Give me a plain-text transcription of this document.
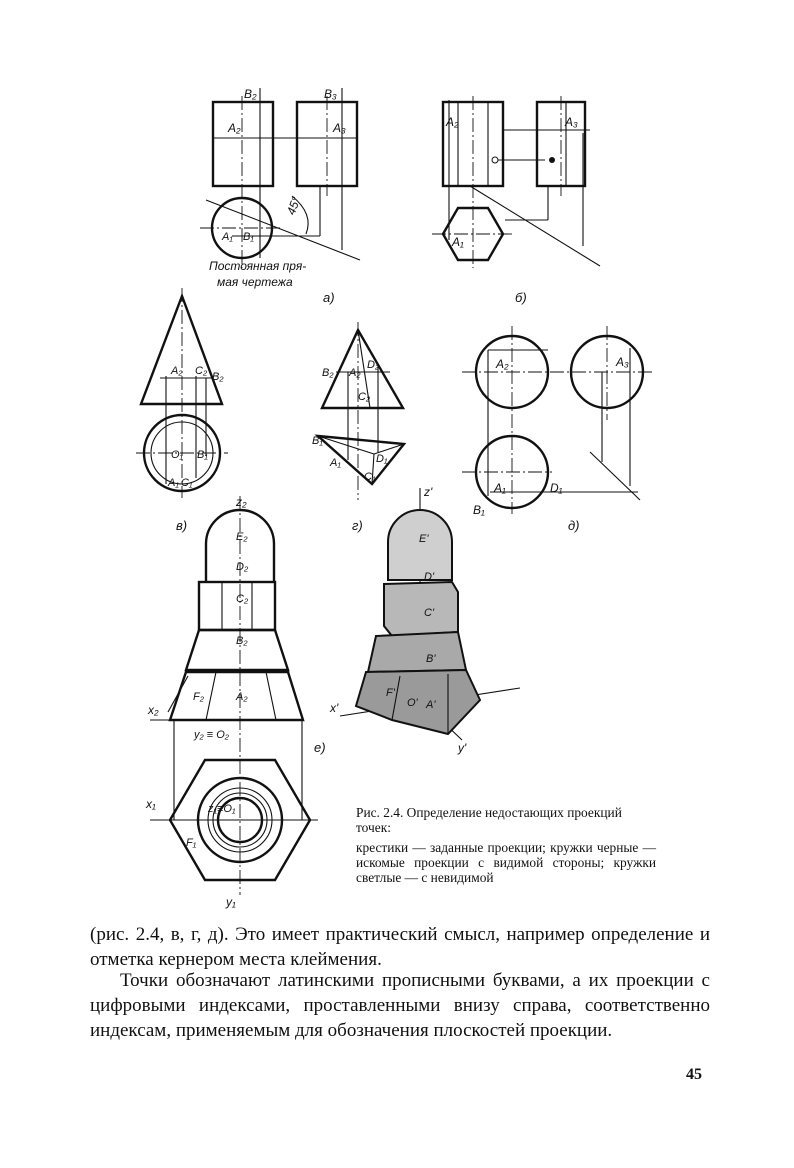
A₂	A₃
B₂	B₃
A₁ B₁
45°
Постоянная пря-
мая чертежа
а)
A₂	A₃
A₁
б)
A₂ C₂ B₂
O₁ B₁
A₁ C₁
в)
B₂ A₂
D₂
C₂
B₁
A₁	D₁
C₁
г)
A₂	A₃
A₁	D₁
B₁
д)
z₂
E₂
D₂
C₂
B₂
F₂	A₂
x₂
y₂ ≡ O₂
x₁	z₁≡O₁
F₁
y₁
е)
z'
E'
D'
C'
B'
F'
O' A'
x'
y'

Рис. 2.4. Определение недостающих проекций точек:

крестики — заданные проекции; кружки черные — искомые проекции с видимой стороны; кружки светлые — с невидимой

(рис. 2.4, в, г, д). Это имеет практический смысл, например определение и отметка кернером места клеймения.

Точки обозначают латинскими прописными буквами, а их проекции с цифровыми индексами, проставленными внизу справа, соответственно индексам, применяемым для обозначения плоскостей проекции.

45
